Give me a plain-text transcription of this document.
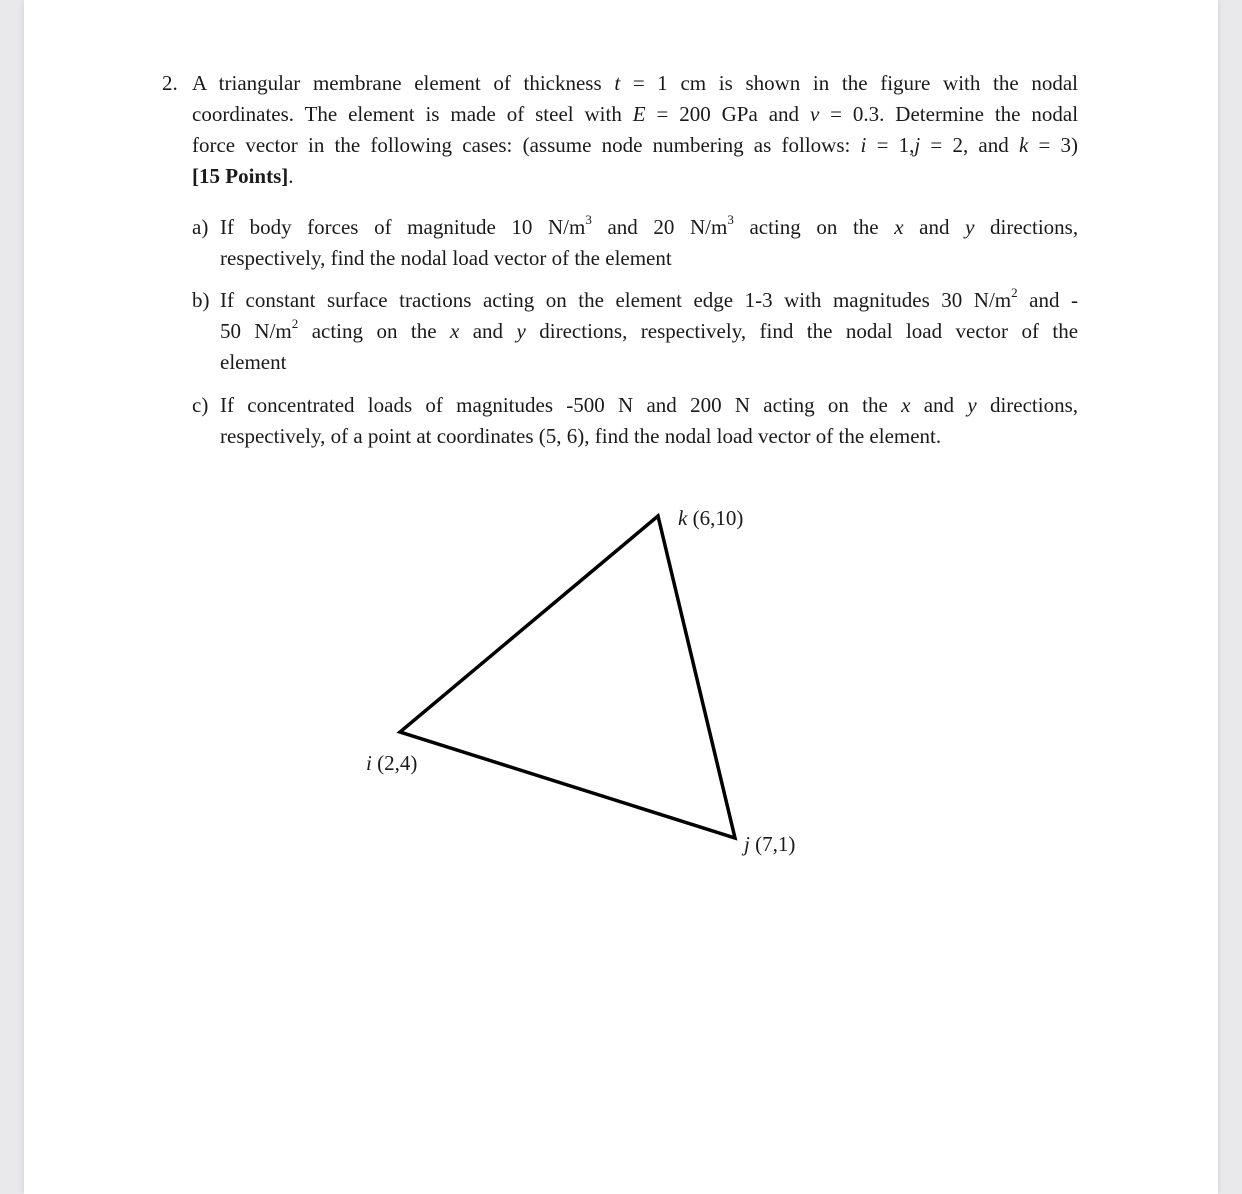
2. A triangular membrane element of thickness t = 1 cm is shown in the figure with the nodal
coordinates. The element is made of steel with E = 200 GPa and v = 0.3. Determine the nodal
force vector in the following cases: (assume node numbering as follows: i = 1,j = 2, and k = 3)
[15 Points].
a) If body forces of magnitude 10 $N/m^3$ and 20 $N/m^3$ acting on the x and y directions,
respectively, find the nodal load vector of the element
b) If constant surface tractions acting on the element edge 1-3 with magnitudes 30 $N/m^2$ and -
50 $N/m^2$ acting on the x and y directions, respectively, find the nodal load vector of the
element
c) If concentrated loads of magnitudes -500 N and 200 N acting on the x and y directions,
respectively, of a point at coordinates (5, 6), find the nodal load vector of the element.
k (6,10)
i (2,4)
j (7,1)
